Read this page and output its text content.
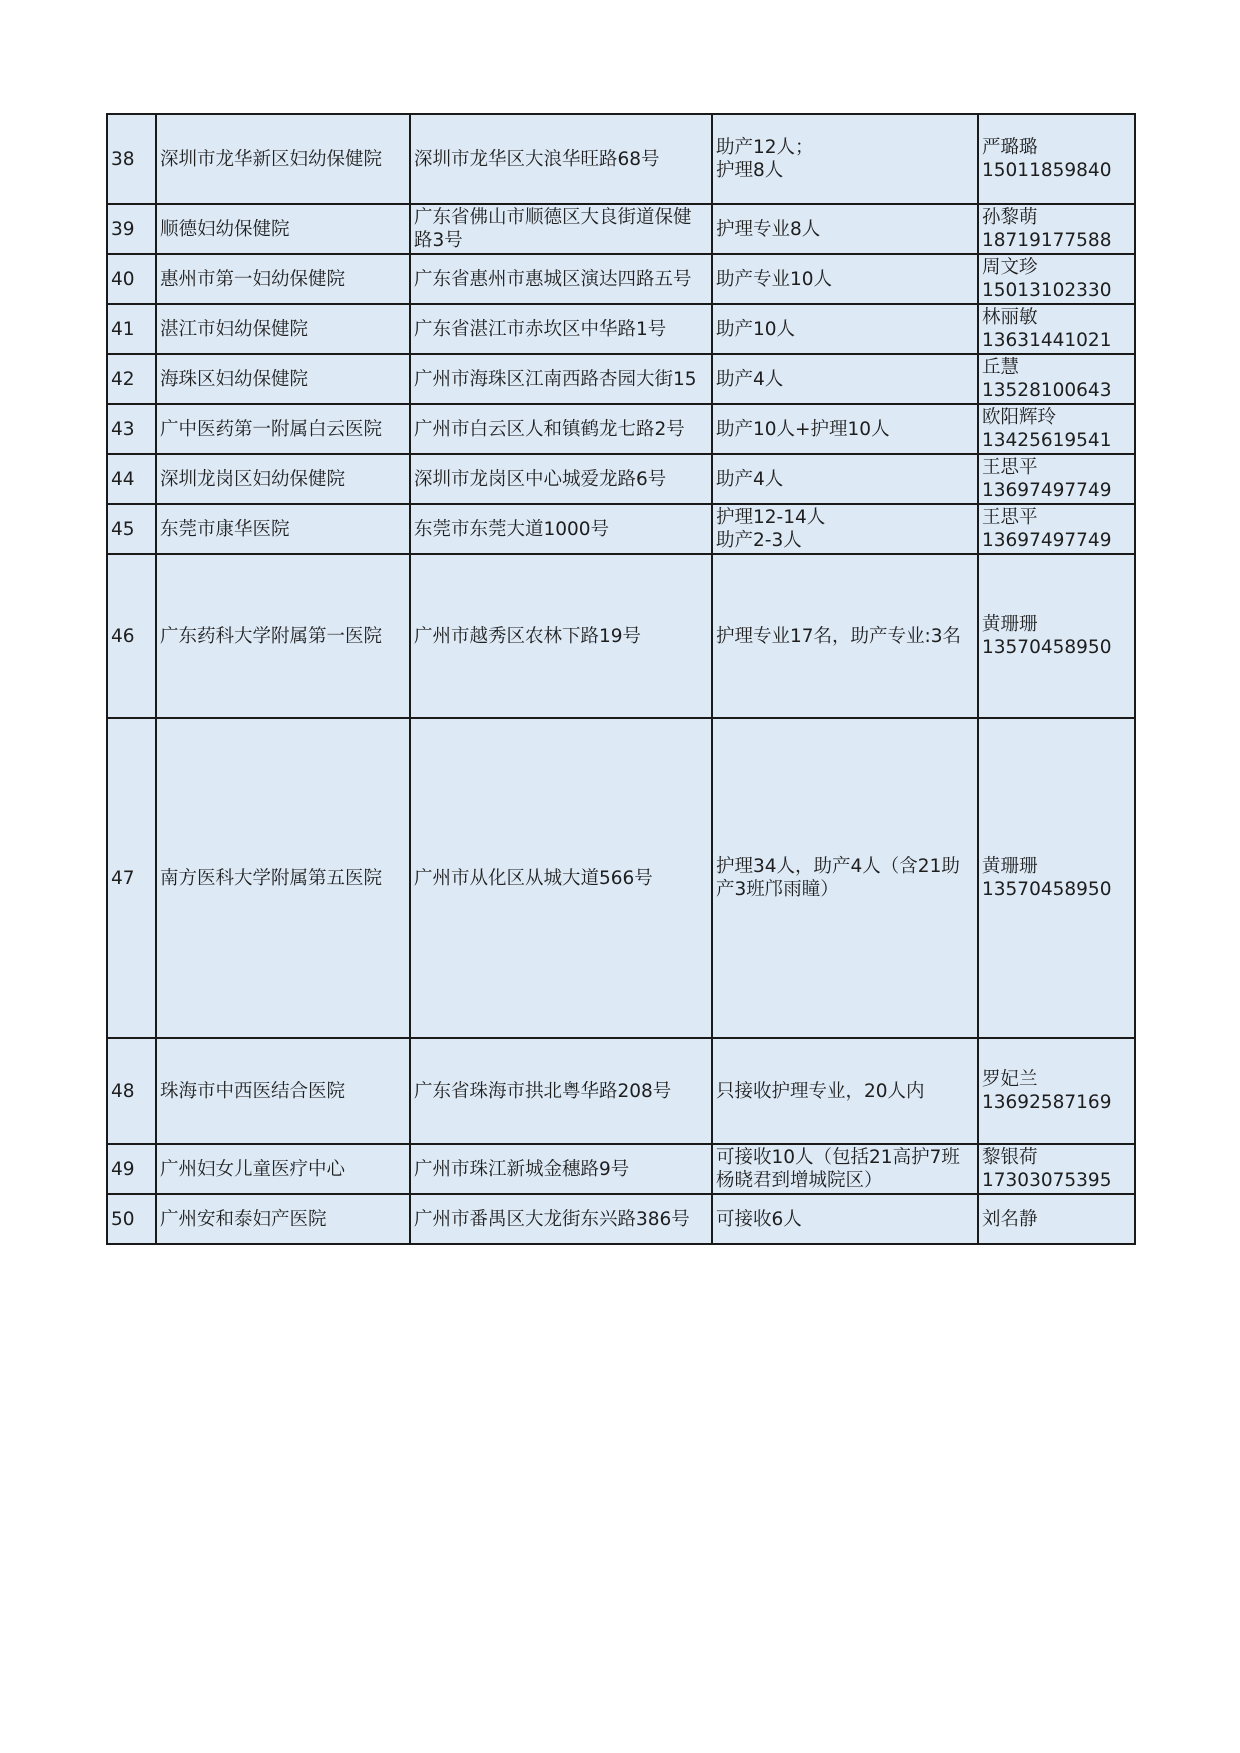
38	深圳市龙华新区妇幼保健院	深圳市龙华区大浪华旺路68号	助产12人；
护理8人	严璐璐
15011859840
39	顺德妇幼保健院	广东省佛山市顺德区大良街道保健路3号	护理专业8人	孙黎萌
18719177588
40	惠州市第一妇幼保健院	广东省惠州市惠城区演达四路五号	助产专业10人	周文珍
15013102330
41	湛江市妇幼保健院	广东省湛江市赤坎区中华路1号	助产10人	林丽敏
13631441021
42	海珠区妇幼保健院	广州市海珠区江南西路杏园大街15	助产4人	丘慧
13528100643
43	广中医药第一附属白云医院	广州市白云区人和镇鹤龙七路2号	助产10人+护理10人	欧阳辉玲
13425619541
44	深圳龙岗区妇幼保健院	深圳市龙岗区中心城爱龙路6号	助产4人	王思平
13697497749
45	东莞市康华医院	东莞市东莞大道1000号	护理12-14人
助产2-3人	王思平
13697497749
46	广东药科大学附属第一医院	广州市越秀区农林下路19号	护理专业17名，助产专业:3名	黄珊珊
13570458950
47	南方医科大学附属第五医院	广州市从化区从城大道566号	护理34人，助产4人（含21助产3班邝雨瞳）	黄珊珊
13570458950
48	珠海市中西医结合医院	广东省珠海市拱北粤华路208号	只接收护理专业，20人内	罗妃兰
13692587169
49	广州妇女儿童医疗中心	广州市珠江新城金穗路9号	可接收10人（包括21高护7班杨晓君到增城院区）	黎银荷
17303075395
50	广州安和泰妇产医院	广州市番禺区大龙街东兴路386号	可接收6人	刘名静
